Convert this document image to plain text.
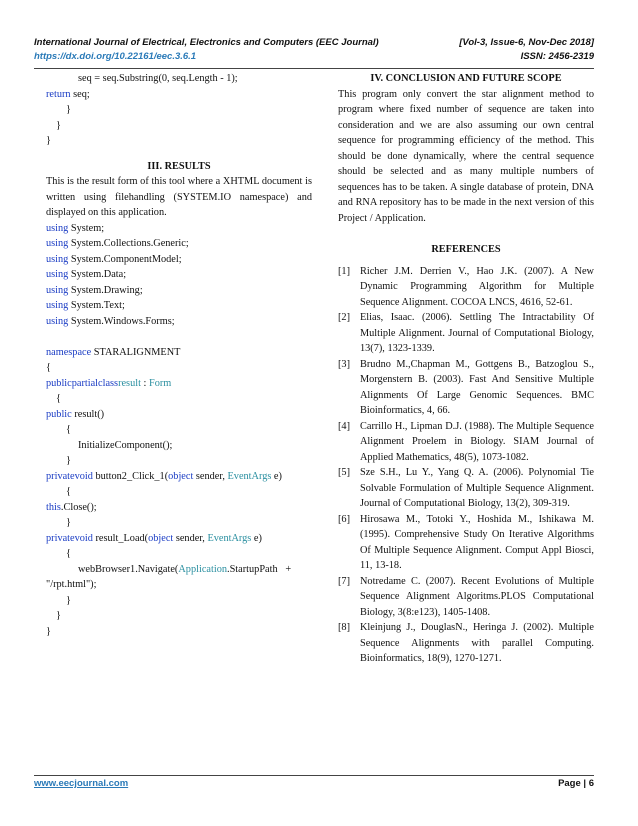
International Journal of Electrical, Electronics and Computers (EEC Journal)	[Vol-3, Issue-6, Nov-Dec 2018]
https://dx.doi.org/10.22161/eec.3.6.1	ISSN: 2456-2319
seq = seq.Substring(0, seq.Length - 1);
return seq;
}
}
}
III. RESULTS
This is the result form of this tool where a XHTML document is written using filehandling (SYSTEM.IO namespace) and displayed on this application.
using System;
using System.Collections.Generic;
using System.ComponentModel;
using System.Data;
using System.Drawing;
using System.Text;
using System.Windows.Forms;
namespace STARALIGNMENT
{
publicpartialclassresult : Form
{
public result()
{
InitializeComponent();
}
privatevoid button2_Click_1(object sender, EventArgs e)
{
this.Close();
}
privatevoid result_Load(object sender, EventArgs e)
{
webBrowser1.Navigate(Application.StartupPath   +
"/rpt.html");
}
}
}
IV. CONCLUSION AND FUTURE SCOPE
This program only convert the star alignment method to program where fixed number of sequence are taken into consideration and we are also assuming our own central sequence for programming efficiency of the method. This should be done dynamically, where the central sequence should be selected and as many multiple numbers of sequences has to be taken. A single database of protein, DNA and RNA repository has to be made in the next version of this Project / Application.
REFERENCES
[1] Richer J.M. Derrien V., Hao J.K. (2007). A New Dynamic Programming Algorithm for Multiple Sequence Alignment. COCOA LNCS, 4616, 52-61.
[2] Elias, Isaac. (2006). Settling The Intractability Of Multiple Alignment. Journal of Computational Biology, 13(7), 1323-1339.
[3] Brudno M.,Chapman M., Gottgens B., Batzoglou S., Morgenstern B. (2003). Fast And Sensitive Multiple Alignments Of Large Genomic Sequences. BMC Bioinformatics, 4, 66.
[4] Carrillo H., Lipman D.J. (1988). The Multiple Sequence Alignment Proelem in Biology. SIAM Journal of Applied Mathematics, 48(5), 1073-1082.
[5] Sze S.H., Lu Y., Yang Q. A. (2006). Polynomial Tie Solvable Formulation of Multiple Sequence Alignment. Journal of Computational Biology, 13(2), 309-319.
[6] Hirosawa M., Totoki Y., Hoshida M., Ishikawa M. (1995). Comprehensive Study On Iterative Algorithms Of Multiple Sequence Alignment. Comput Appl Biosci, 11, 13-18.
[7] Notredame C. (2007). Recent Evolutions of Multiple Sequence Alignment Algoritms.PLOS Computational Biology, 3(8:e123), 1405-1408.
[8] Kleinjung J., DouglasN., Heringa J. (2002). Multiple Sequence Alignments with parallel Computing. Bioinformatics, 18(9), 1270-1271.
www.eecjournal.com	Page | 6
